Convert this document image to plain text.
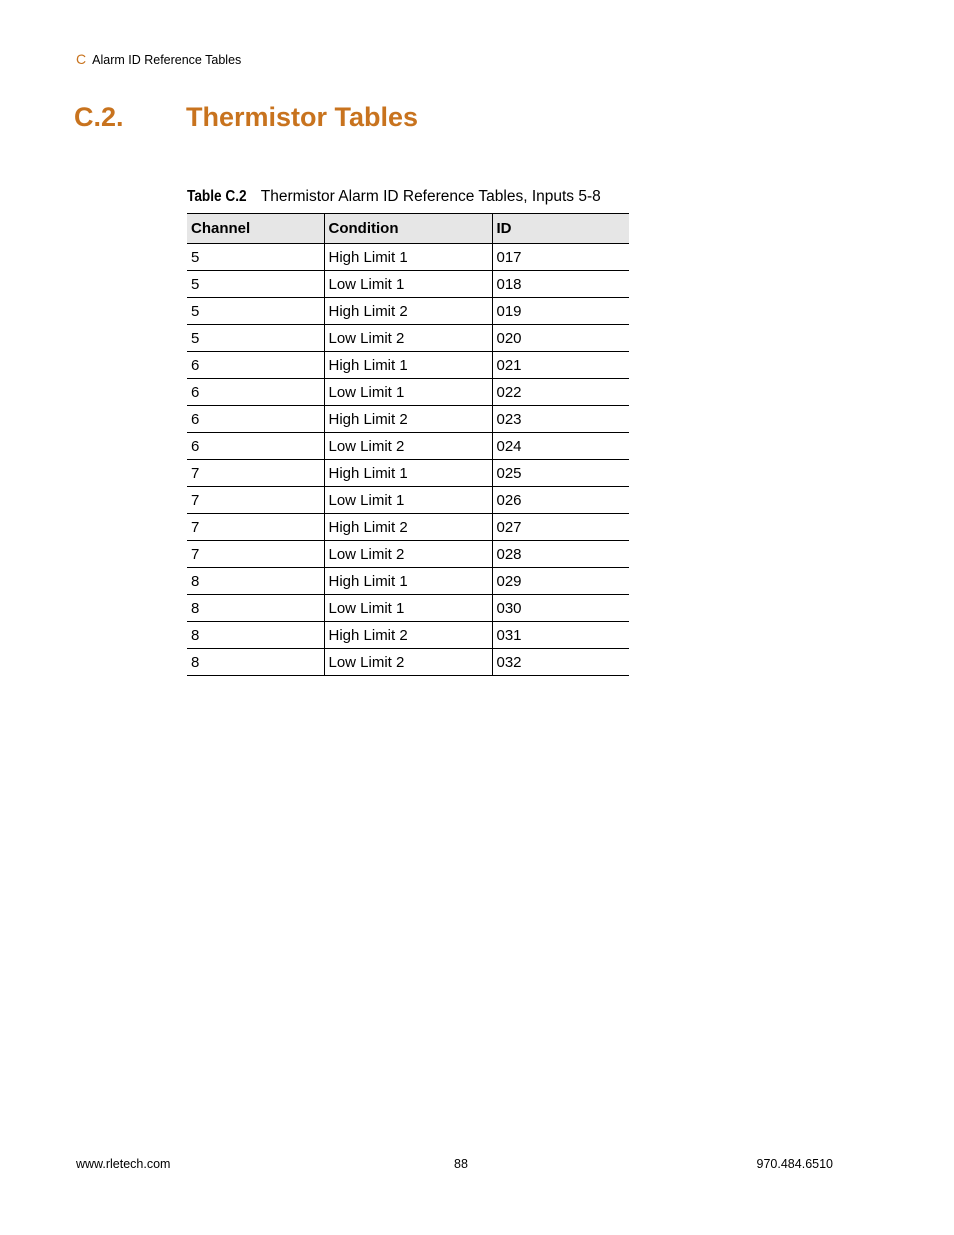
C Alarm ID Reference Tables
C.2. Thermistor Tables
Table C.2 Thermistor Alarm ID Reference Tables, Inputs 5-8
Channel	Condition	ID
5	High Limit 1	017
5	Low Limit 1	018
5	High Limit 2	019
5	Low Limit 2	020
6	High Limit 1	021
6	Low Limit 1	022
6	High Limit 2	023
6	Low Limit 2	024
7	High Limit 1	025
7	Low Limit 1	026
7	High Limit 2	027
7	Low Limit 2	028
8	High Limit 1	029
8	Low Limit 1	030
8	High Limit 2	031
8	Low Limit 2	032
www.rletech.com	88	970.484.6510
